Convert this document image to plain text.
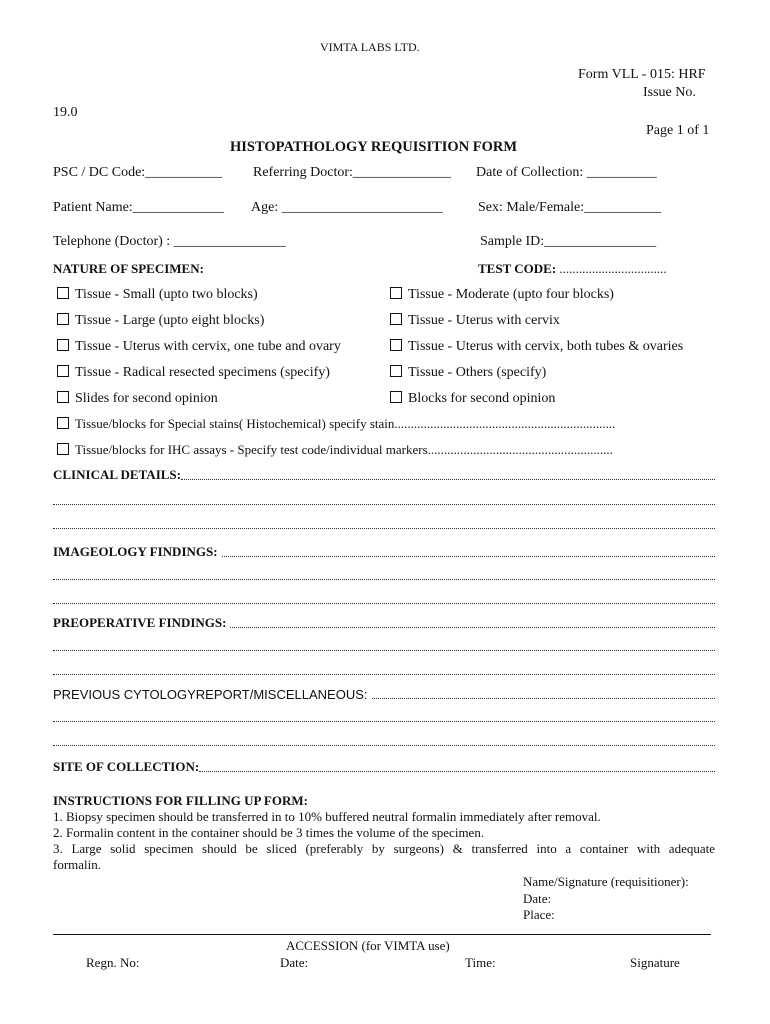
VIMTA LABS LTD.
Form VLL - 015: HRF
Issue No.
19.0
Page 1 of 1
HISTOPATHOLOGY REQUISITION FORM
PSC / DC Code:___________ Referring Doctor:______________ Date of Collection: __________
Patient Name:_____________ Age: _______________________	Sex: Male/Female:___________
Telephone (Doctor) : ________________	Sample ID:________________
NATURE OF SPECIMEN:	TEST CODE: .................................
Tissue - Small (upto two blocks)	Tissue - Moderate (upto four blocks)
Tissue - Large (upto eight blocks)	Tissue - Uterus with cervix
Tissue - Uterus with cervix, one tube and ovary	Tissue - Uterus with cervix, both tubes & ovaries
Tissue - Radical resected specimens (specify)	Tissue - Others (specify)
Slides for second opinion	Blocks for second opinion
Tissue/blocks for Special stains( Histochemical) specify stain....................................................................
Tissue/blocks for IHC assays - Specify test code/individual markers.........................................................
CLINICAL DETAILS:
IMAGEOLOGY FINDINGS:
PREOPERATIVE FINDINGS:
PREVIOUS CYTOLOGYREPORT/MISCELLANEOUS:
SITE OF COLLECTION:
INSTRUCTIONS FOR FILLING UP FORM:
1. Biopsy specimen should be transferred in to 10% buffered neutral formalin immediately after removal.
2. Formalin content in the container should be 3 times the volume of the specimen.
3. Large solid specimen should be sliced (preferably by surgeons) & transferred into a container with adequate
formalin.
Name/Signature (requisitioner):
Date:
Place:
ACCESSION (for VIMTA use)
Regn. No:	Date:	Time:	Signature
